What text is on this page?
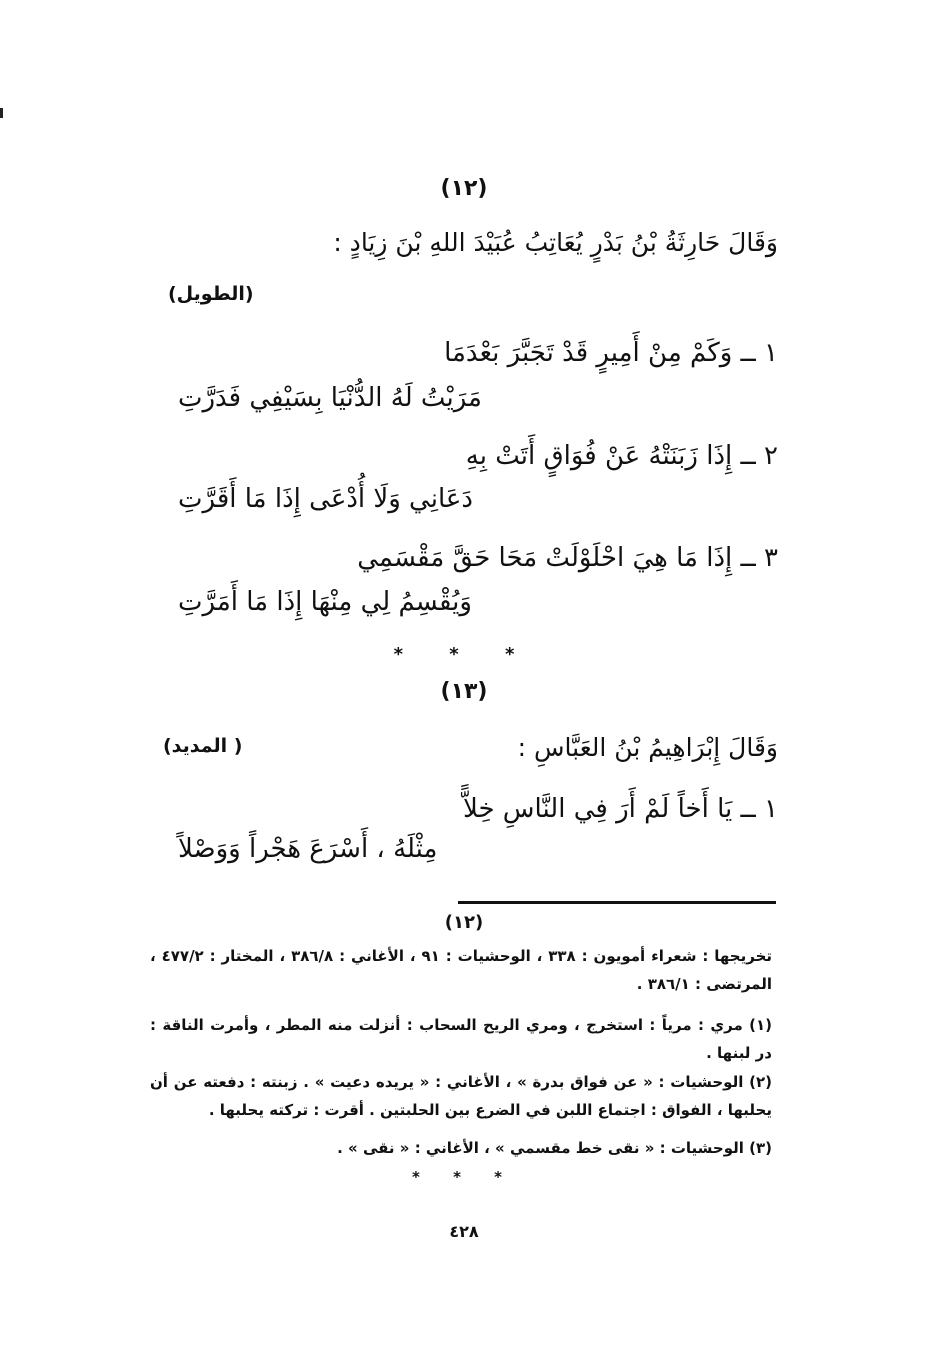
(١٢)
وَقَالَ حَارِثَةُ بْنُ بَدْرٍ يُعَاتِبُ عُبَيْدَ اللهِ بْنَ زِيَادٍ :
(الطويل)
١ ــ وَكَمْ مِنْ أَمِيرٍ قَدْ تَجَبَّرَ بَعْدَمَا
مَرَيْتُ لَهُ الدُّنْيَا بِسَيْفِي فَدَرَّتِ
٢ ــ إِذَا زَبَنَتْهُ عَنْ فُوَاقٍ أَتَتْ بِهِ
دَعَانِي وَلَا أُدْعَى إِذَا مَا أَقَرَّتِ
٣ ــ إِذَا مَا هِيَ احْلَوْلَتْ مَحَا حَقَّ مَقْسَمِي
وَيُقْسِمُ لِي مِنْهَا إِذَا مَا أَمَرَّتِ
* * *
(١٣)
وَقَالَ إِبْرَاهِيمُ بْنُ العَبَّاسِ :
( المديد)
١ ــ يَا أَخاً لَمْ أَرَ فِي النَّاسِ خِلاًّ
مِثْلَهُ ، أَسْرَعَ هَجْراً وَوَصْلاً
(١٢)
تخريجها : شعراء أمويون : ٣٣٨ ، الوحشيات : ٩١ ، الأغاني : ٣٨٦/٨ ، المختار : ٤٧٧/٢ ، المرتضى : ٣٨٦/١ .
(١) مري : مرياً : استخرج ، ومري الريح السحاب : أنزلت منه المطر ، وأمرت الناقة : در لبنها .
(٢) الوحشيات : « عن فواق بدرة » ، الأغاني : « يريده دعيت » . زبنته : دفعته عن أن يحلبها ، الفواق : اجتماع اللبن في الضرع بين الحلبتين . أقرت : تركته يحلبها .
(٣) الوحشيات : « نقى خط مقسمي » ، الأغاني : « نقى » .
* * *
٤٢٨
